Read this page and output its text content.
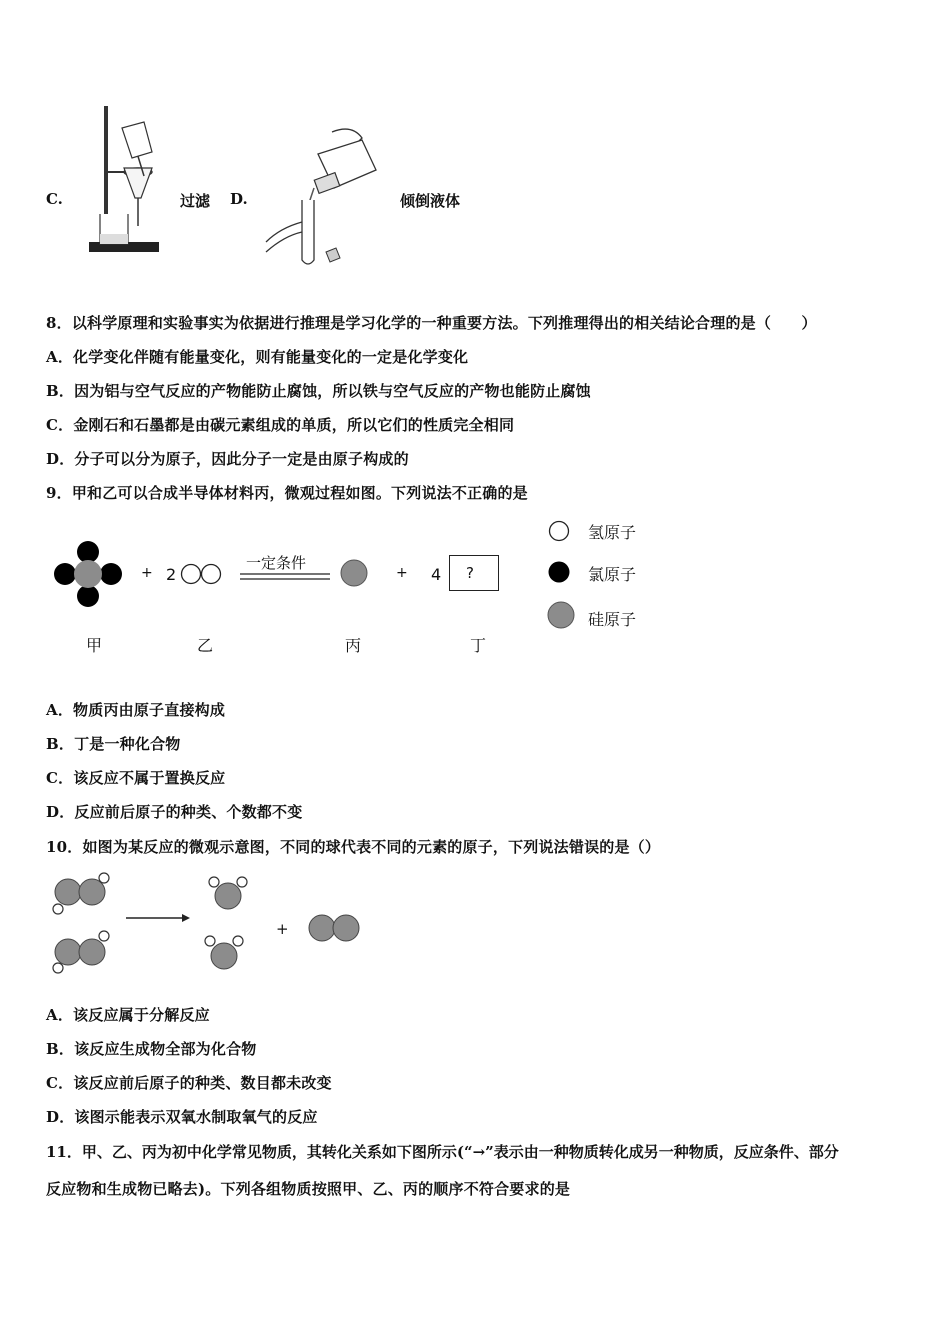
C.	过滤 D.	倾倒液体
8．以科学原理和实验事实为依据进行推理是学习化学的一种重要方法。下列推理得出的相关结论合理的是（　　）
A．化学变化伴随有能量变化，则有能量变化的一定是化学变化
B．因为铝与空气反应的产物能防止腐蚀，所以铁与空气反应的产物也能防止腐蚀
C．金刚石和石墨都是由碳元素组成的单质，所以它们的性质完全相同
D．分子可以分为原子，因此分子一定是由原子构成的
9．甲和乙可以合成半导体材料丙，微观过程如图。下列说法不正确的是
+ 2
一定条件
+ 4 ?
甲	乙	丙	丁
氢原子
氯原子
硅原子
A．物质丙由原子直接构成
B．丁是一种化合物
C．该反应不属于置换反应
D．反应前后原子的种类、个数都不变
10．如图为某反应的微观示意图，不同的球代表不同的元素的原子，下列说法错误的是（）
+
A．该反应属于分解反应
B．该反应生成物全部为化合物
C．该反应前后原子的种类、数目都未改变
D．该图示能表示双氧水制取氧气的反应
11．甲、乙、丙为初中化学常见物质，其转化关系如下图所示(“→”表示由一种物质转化成另一种物质，反应条件、部分
反应物和生成物已略去)。下列各组物质按照甲、乙、丙的顺序不符合要求的是
